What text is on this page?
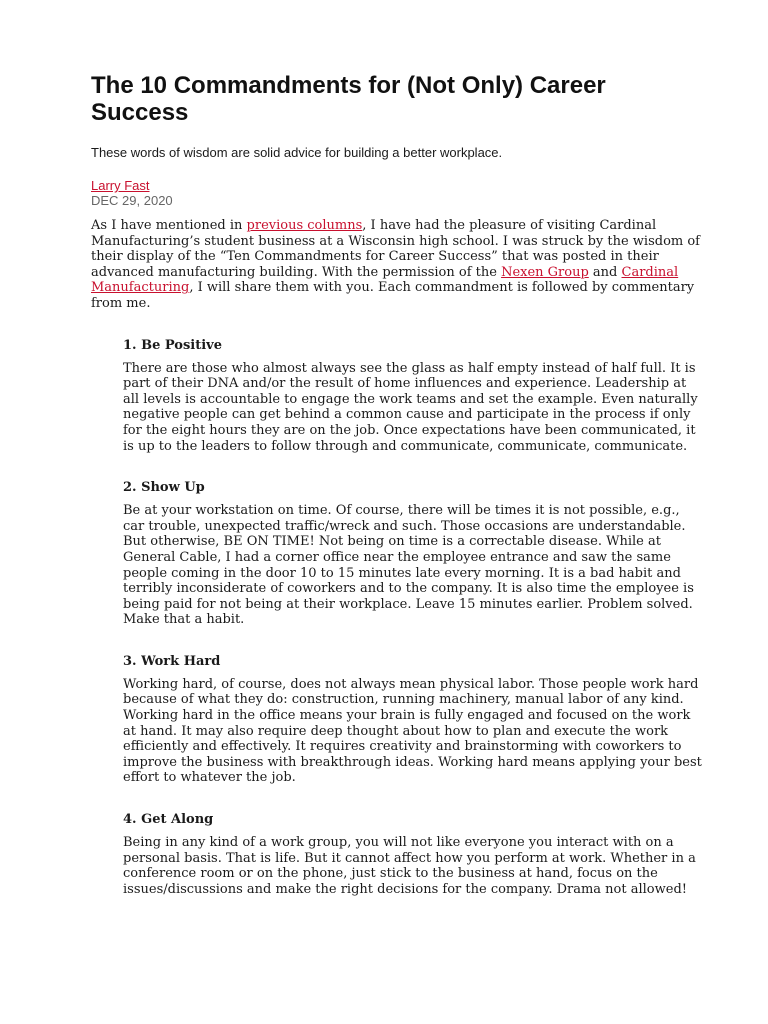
The 10 Commandments for (Not Only) Career Success

These words of wisdom are solid advice for building a better workplace.

Larry Fast
DEC 29, 2020

As I have mentioned in previous columns, I have had the pleasure of visiting Cardinal Manufacturing’s student business at a Wisconsin high school. I was struck by the wisdom of their display of the “Ten Commandments for Career Success” that was posted in their advanced manufacturing building. With the permission of the Nexen Group and Cardinal Manufacturing, I will share them with you. Each commandment is followed by commentary from me.

1. Be Positive

There are those who almost always see the glass as half empty instead of half full. It is part of their DNA and/or the result of home influences and experience. Leadership at all levels is accountable to engage the work teams and set the example. Even naturally negative people can get behind a common cause and participate in the process if only for the eight hours they are on the job. Once expectations have been communicated, it is up to the leaders to follow through and communicate, communicate, communicate.

2. Show Up

Be at your workstation on time. Of course, there will be times it is not possible, e.g., car trouble, unexpected traffic/wreck and such. Those occasions are understandable. But otherwise, BE ON TIME! Not being on time is a correctable disease. While at General Cable, I had a corner office near the employee entrance and saw the same people coming in the door 10 to 15 minutes late every morning. It is a bad habit and terribly inconsiderate of coworkers and to the company. It is also time the employee is being paid for not being at their workplace. Leave 15 minutes earlier. Problem solved. Make that a habit.

3. Work Hard

Working hard, of course, does not always mean physical labor. Those people work hard because of what they do: construction, running machinery, manual labor of any kind. Working hard in the office means your brain is fully engaged and focused on the work at hand. It may also require deep thought about how to plan and execute the work efficiently and effectively. It requires creativity and brainstorming with coworkers to improve the business with breakthrough ideas. Working hard means applying your best effort to whatever the job.

4. Get Along

Being in any kind of a work group, you will not like everyone you interact with on a personal basis. That is life. But it cannot affect how you perform at work. Whether in a conference room or on the phone, just stick to the business at hand, focus on the issues/discussions and make the right decisions for the company. Drama not allowed!
